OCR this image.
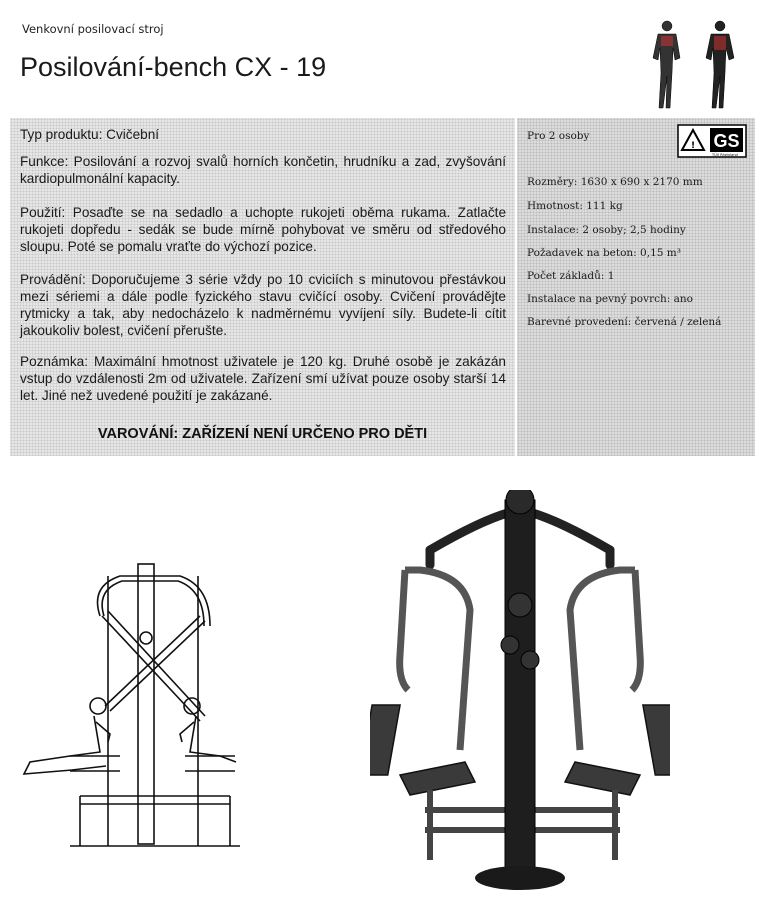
Venkovní posilovací stroj
Posilování-bench CX - 19
Typ produktu: Cvičební
Funkce: Posilování a rozvoj svalů horních končetin, hrudníku a zad, zvyšování kardiopulmonální kapacity.
Použití: Posaďte se na sedadlo a uchopte rukojeti oběma rukama. Zatlačte rukojeti dopředu - sedák se bude mírně pohybovat ve směru od středového sloupu. Poté se pomalu vraťte do výchozí pozice.
Provádění: Doporučujeme 3 série vždy po 10 cviciích s minutovou přestávkou mezi sériemi a dále podle fyzického stavu cvičící osoby. Cvičení provádějte rytmicky a tak, aby nedocházelo k nadměrnému vyvíjení síly. Budete-li cítit jakoukoliv bolest, cvičení přerušte.
Poznámka: Maximální hmotnost uživatele je 120 kg. Druhé osobě je zakázán vstup do vzdálenosti 2m od uživatele. Zařízení smí užívat pouze osoby starší 14 let. Jiné než uvedené použití je zakázané.
VAROVÁNÍ: ZAŘÍZENÍ NENÍ URČENO PRO DĚTI
Pro 2 osoby
! GS
TÜV Rheinland
Rozměry: 1630 x 690 x 2170 mm
Hmotnost: 111 kg
Instalace: 2 osoby; 2,5 hodiny
Požadavek na beton: 0,15 m³
Počet základů: 1
Instalace na pevný povrch: ano
Barevné provedení: červená / zelená
